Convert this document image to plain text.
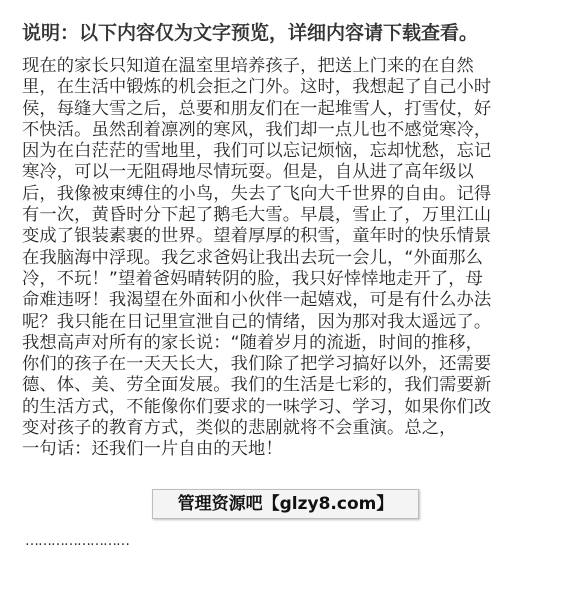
说明：以下内容仅为文字预览，详细内容请下载查看。
现在的家长只知道在温室里培养孩子，把送上门来的在自然
里，在生活中锻炼的机会拒之门外。这时，我想起了自己小时
侯，每缝大雪之后，总要和朋友们在一起堆雪人，打雪仗，好
不快活。虽然刮着凛冽的寒风，我们却一点儿也不感觉寒冷，
因为在白茫茫的雪地里，我们可以忘记烦恼，忘却忧愁，忘记
寒冷，可以一无阻碍地尽情玩耍。但是，自从进了高年级以
后，我像被束缚住的小鸟，失去了飞向大千世界的自由。记得
有一次，黄昏时分下起了鹅毛大雪。早晨，雪止了，万里江山
变成了银装素裹的世界。望着厚厚的积雪，童年时的快乐情景
在我脑海中浮现。我乞求爸妈让我出去玩一会儿，“外面那么
冷，不玩！”望着爸妈晴转阴的脸，我只好悻悻地走开了，母
命难违呀！我渴望在外面和小伙伴一起嬉戏，可是有什么办法
呢？我只能在日记里宣泄自己的情绪，因为那对我太遥远了。
我想高声对所有的家长说：“随着岁月的流逝，时间的推移，
你们的孩子在一天天长大，我们除了把学习搞好以外，还需要
德、体、美、劳全面发展。我们的生活是七彩的，我们需要新
的生活方式，不能像你们要求的一味学习、学习，如果你们改
变对孩子的教育方式，类似的悲剧就将不会重演。总之，
一句话：还我们一片自由的天地！
……………………
管理资源吧【glzy8.com】
